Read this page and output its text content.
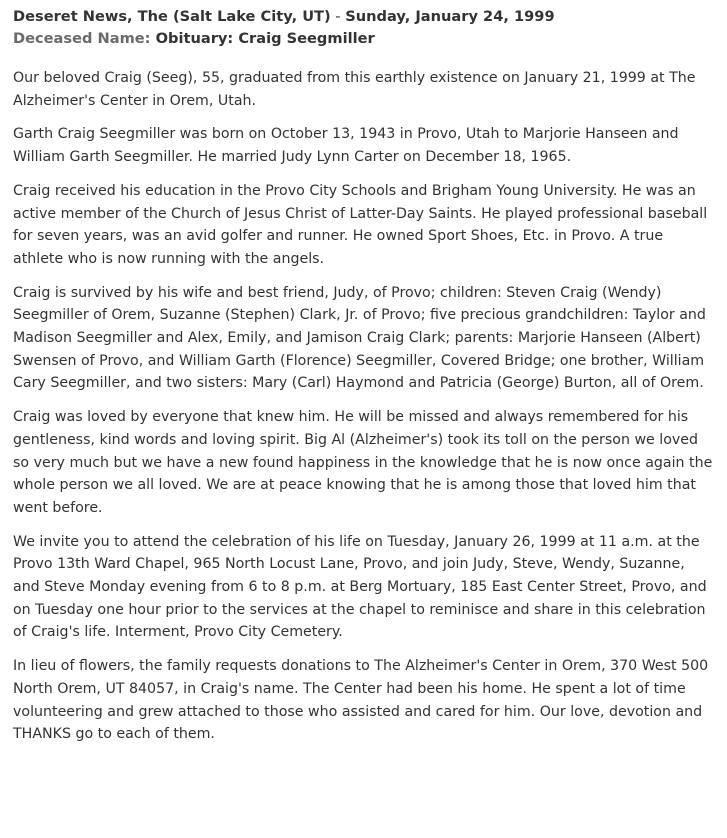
Deseret News, The (Salt Lake City, UT) - Sunday, January 24, 1999
Deceased Name: Obituary: Craig Seegmiller

Our beloved Craig (Seeg), 55, graduated from this earthly existence on January 21, 1999 at The Alzheimer's Center in Orem, Utah.

Garth Craig Seegmiller was born on October 13, 1943 in Provo, Utah to Marjorie Hanseen and William Garth Seegmiller. He married Judy Lynn Carter on December 18, 1965.

Craig received his education in the Provo City Schools and Brigham Young University. He was an active member of the Church of Jesus Christ of Latter-Day Saints. He played professional baseball for seven years, was an avid golfer and runner. He owned Sport Shoes, Etc. in Provo. A true athlete who is now running with the angels.

Craig is survived by his wife and best friend, Judy, of Provo; children: Steven Craig (Wendy) Seegmiller of Orem, Suzanne (Stephen) Clark, Jr. of Provo; five precious grandchildren: Taylor and Madison Seegmiller and Alex, Emily, and Jamison Craig Clark; parents: Marjorie Hanseen (Albert) Swensen of Provo, and William Garth (Florence) Seegmiller, Covered Bridge; one brother, William Cary Seegmiller, and two sisters: Mary (Carl) Haymond and Patricia (George) Burton, all of Orem.

Craig was loved by everyone that knew him. He will be missed and always remembered for his gentleness, kind words and loving spirit. Big Al (Alzheimer's) took its toll on the person we loved so very much but we have a new found happiness in the knowledge that he is now once again the whole person we all loved. We are at peace knowing that he is among those that loved him that went before.

We invite you to attend the celebration of his life on Tuesday, January 26, 1999 at 11 a.m. at the Provo 13th Ward Chapel, 965 North Locust Lane, Provo, and join Judy, Steve, Wendy, Suzanne, and Steve Monday evening from 6 to 8 p.m. at Berg Mortuary, 185 East Center Street, Provo, and on Tuesday one hour prior to the services at the chapel to reminisce and share in this celebration of Craig's life. Interment, Provo City Cemetery.

In lieu of flowers, the family requests donations to The Alzheimer's Center in Orem, 370 West 500 North Orem, UT 84057, in Craig's name. The Center had been his home. He spent a lot of time volunteering and grew attached to those who assisted and cared for him. Our love, devotion and THANKS go to each of them.
